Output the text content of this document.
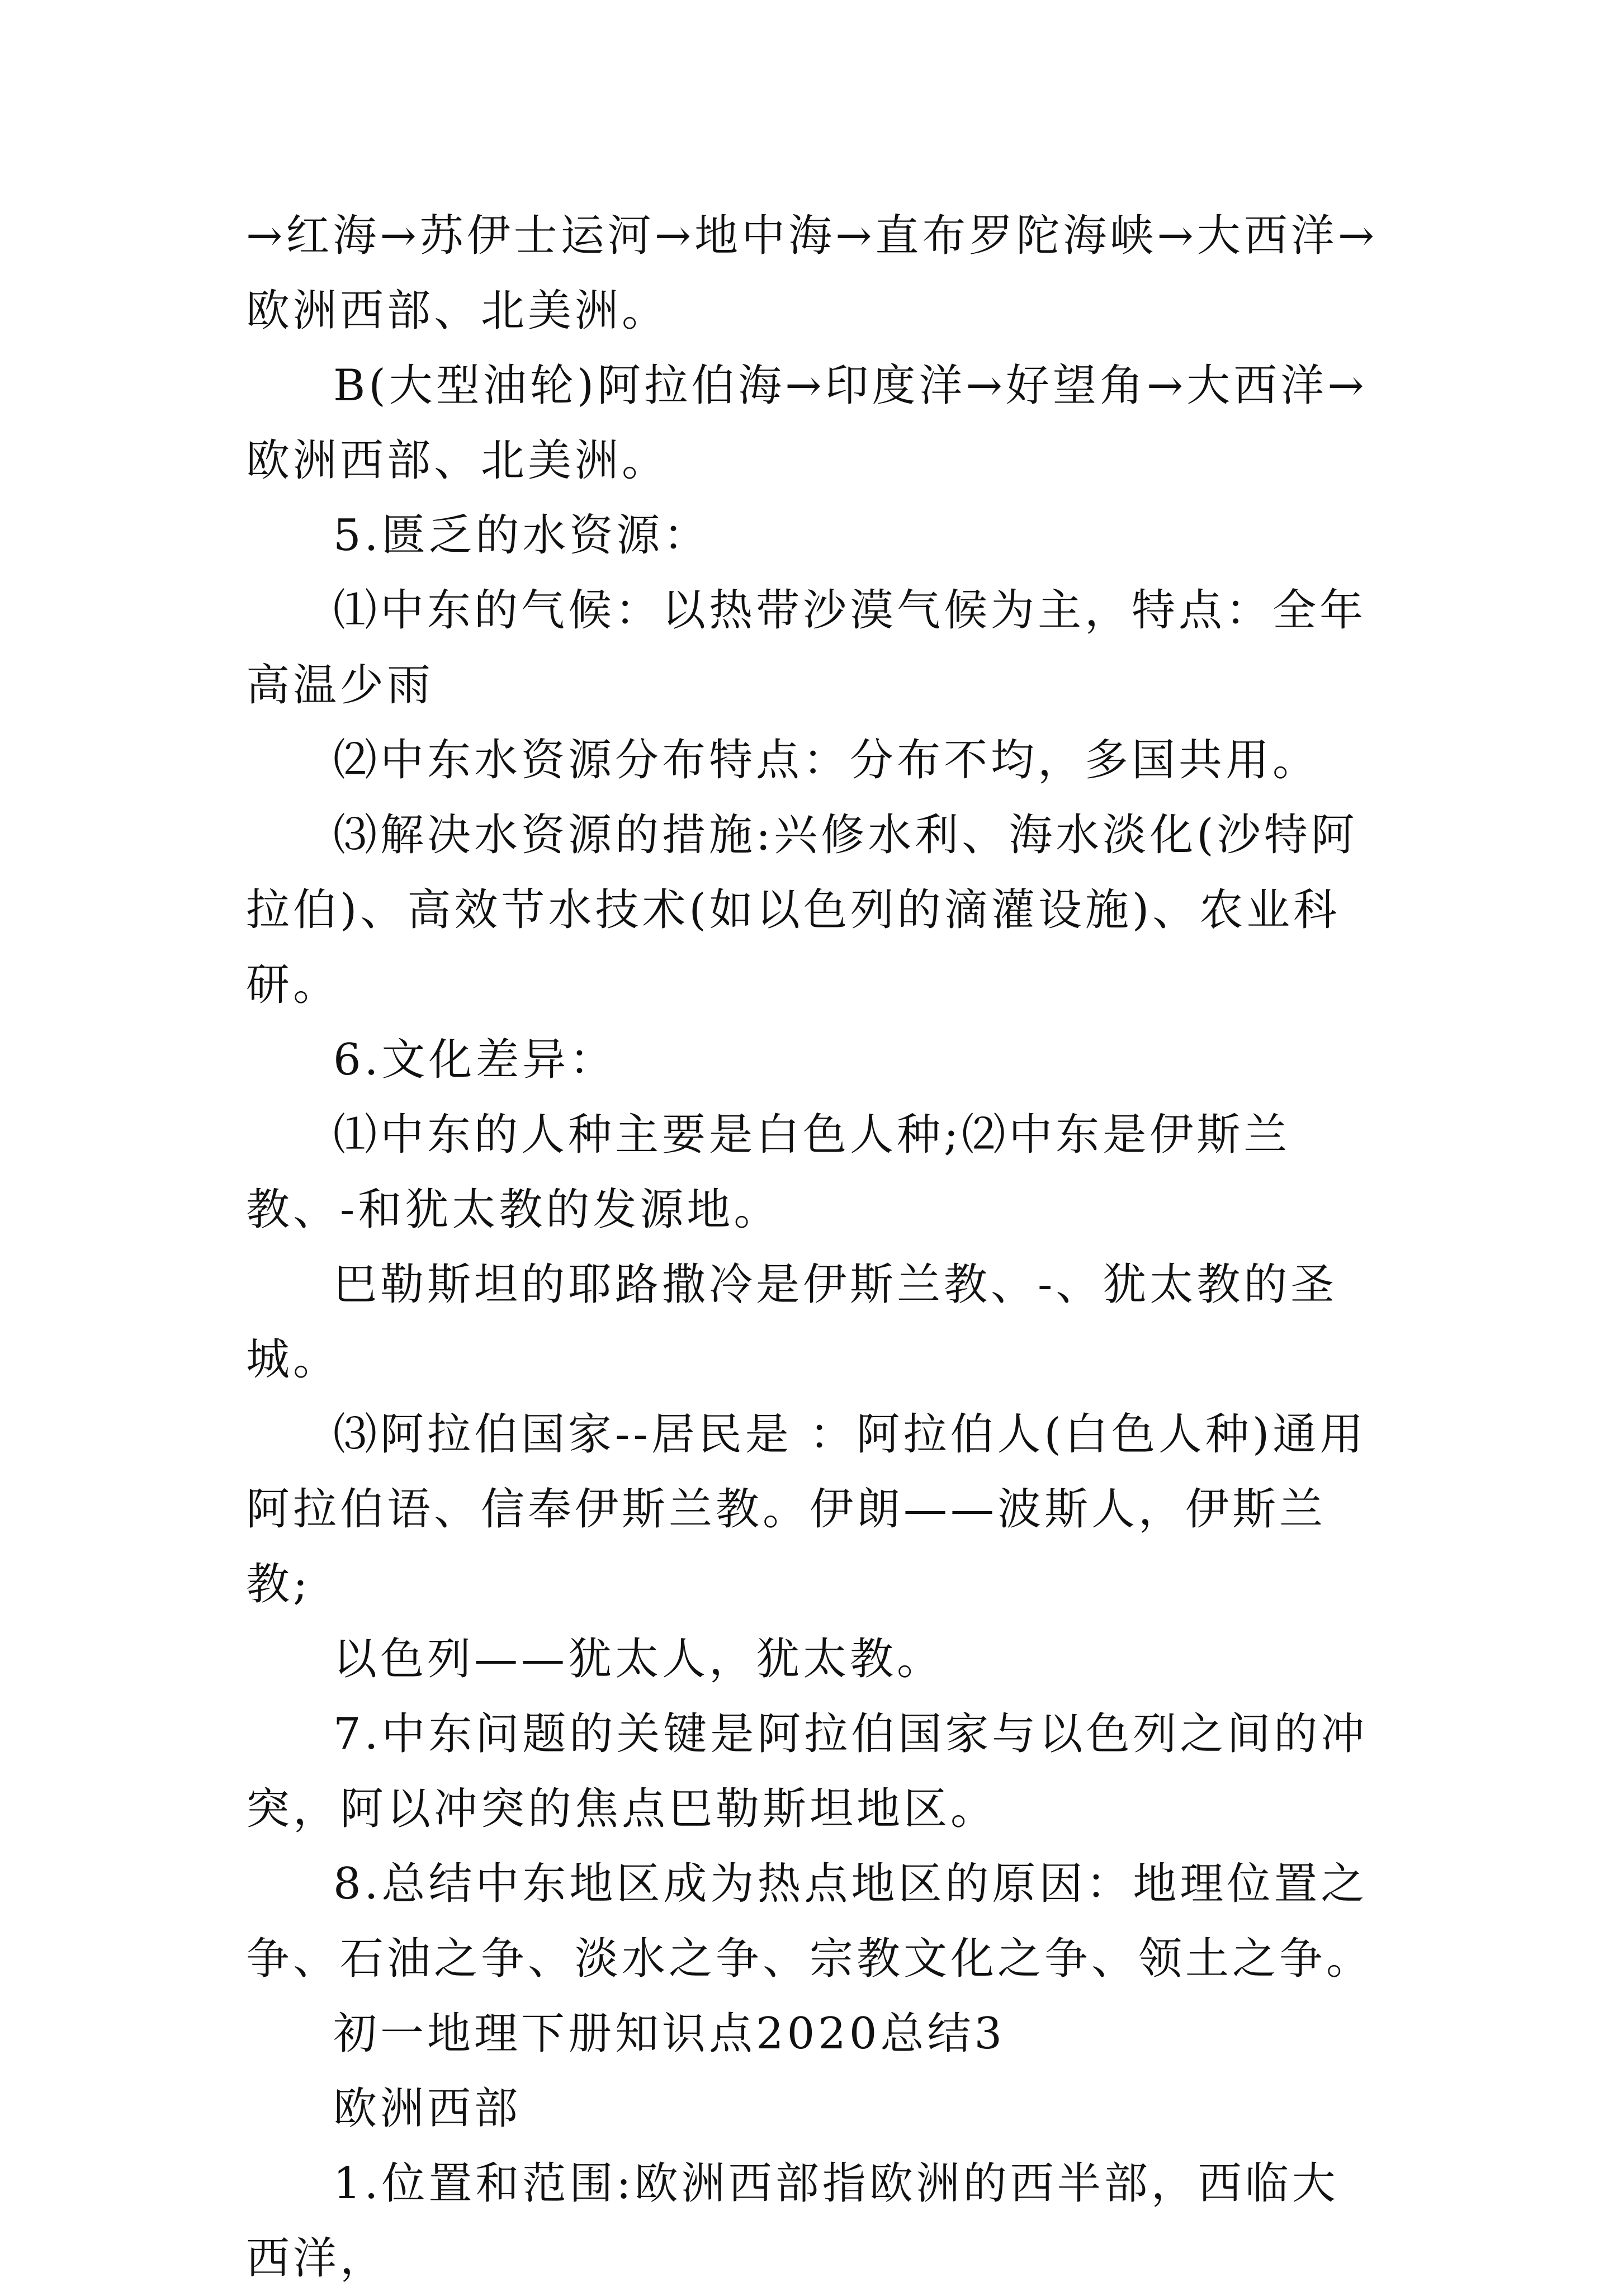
→红海→苏伊士运河→地中海→直布罗陀海峡→大西洋→欧洲西部、北美洲。

B(大型油轮)阿拉伯海→印度洋→好望角→大西洋→欧洲西部、北美洲。

5.匮乏的水资源：

⑴中东的气候：以热带沙漠气候为主，特点：全年高温少雨

⑵中东水资源分布特点：分布不均，多国共用。

⑶解决水资源的措施:兴修水利、海水淡化(沙特阿拉伯)、高效节水技术(如以色列的滴灌设施)、农业科研。

6.文化差异：

⑴中东的人种主要是白色人种;⑵中东是伊斯兰教、-和犹太教的发源地。

巴勒斯坦的耶路撒冷是伊斯兰教、-、犹太教的圣城。

⑶阿拉伯国家--居民是 ：阿拉伯人(白色人种)通用阿拉伯语、信奉伊斯兰教。伊朗——波斯人，伊斯兰教;

以色列——犹太人，犹太教。

7.中东问题的关键是阿拉伯国家与以色列之间的冲突，阿以冲突的焦点巴勒斯坦地区。

8.总结中东地区成为热点地区的原因：地理位置之争、石油之争、淡水之争、宗教文化之争、领土之争。

初一地理下册知识点2020总结3

欧洲西部

1.位置和范围:欧洲西部指欧洲的西半部，西临大西洋，
